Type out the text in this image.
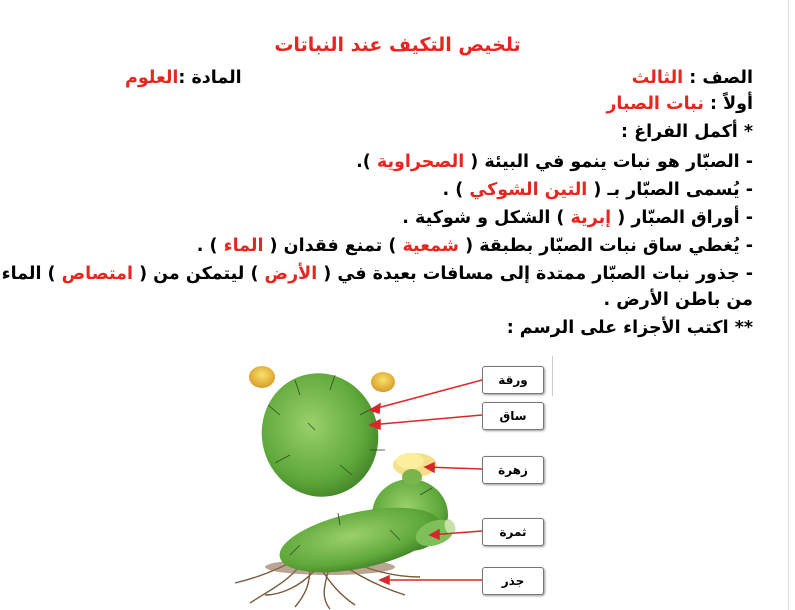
تلخيص التكيف عند النباتات
الصف : الثالث
المادة :العلوم
أولاً : نبات الصبار
* أكمل الفراغ :
- الصبّار هو نبات ينمو في البيئة ( الصحراوية ).
- يُسمى الصبّار بـ ( التين الشوكي ) .
- أوراق الصبّار ( إبرية ) الشكل و شوكية .
- يُغطي ساق نبات الصبّار بطبقة ( شمعية ) تمنع فقدان ( الماء ) .
- جذور نبات الصبّار ممتدة إلى مسافات بعيدة في ( الأرض ) ليتمكن من ( امتصاص ) الماء
من باطن الأرض .
** اكتب الأجزاء على الرسم :
ورقة
ساق
زهرة
ثمرة
جذر
